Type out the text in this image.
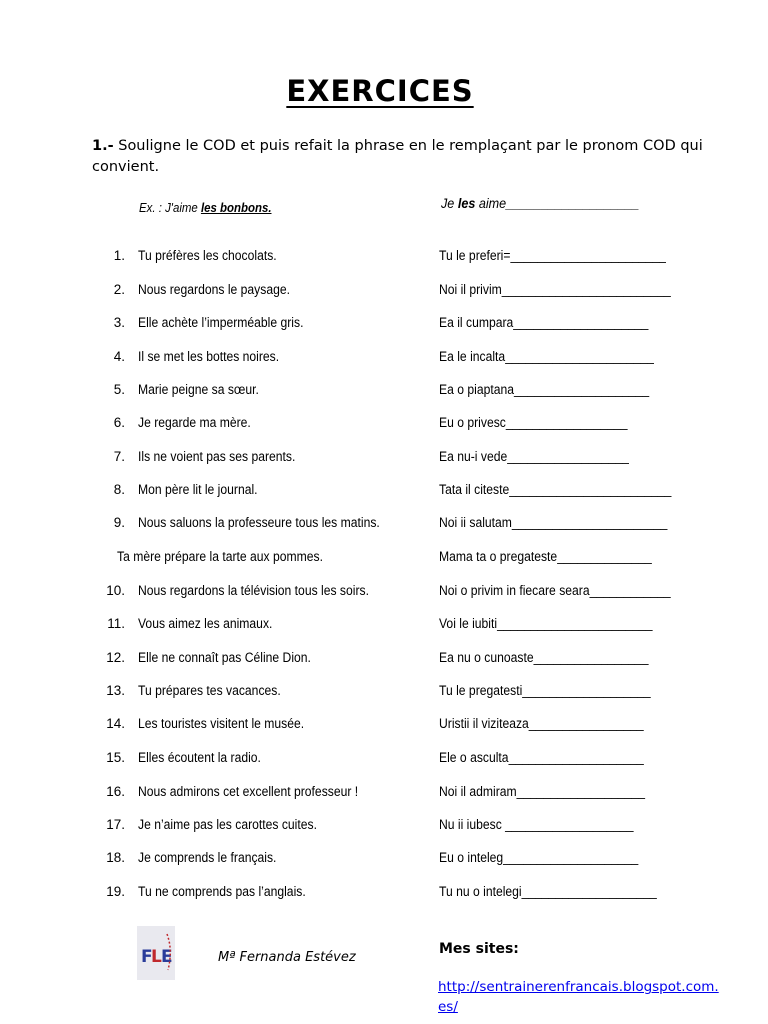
EXERCICES
1.- Souligne le COD et puis refait la phrase en le remplaçant par le pronom COD qui convient.
Ex. : J'aime les bonbons.	Je les aime___________________
1. Tu préfères les chocolats.	Tu le preferi=_______________________
2. Nous regardons le paysage.	Noi il privim_________________________
3. Elle achète l’imperméable gris.	Ea il cumpara____________________
4. Il se met les bottes noires.	Ea le incalta______________________
5. Marie peigne sa sœur.	Ea o piaptana____________________
6. Je regarde ma mère.	Eu o privesc__________________
7. Ils ne voient pas ses parents.	Ea nu-i vede__________________
8. Mon père lit le journal.	Tata il citeste________________________
9. Nous saluons la professeure tous les matins.	Noi ii salutam_______________________
Ta mère prépare la tarte aux pommes.	Mama ta o pregateste______________
10. Nous regardons la télévision tous les soirs.	Noi o privim in fiecare seara____________
11. Vous aimez les animaux.	Voi le iubiti_______________________
12. Elle ne connaît pas Céline Dion.	Ea nu o cunoaste_________________
13. Tu prépares tes vacances.	Tu le pregatesti___________________
14. Les touristes visitent le musée.	Uristii il viziteaza_________________
15. Elles écoutent la radio.	Ele o asculta____________________
16. Nous admirons cet excellent professeur !	Noi il admiram___________________
17. Je n’aime pas les carottes cuites.	Nu ii iubesc ___________________
18. Je comprends le français.	Eu o inteleg____________________
19. Tu ne comprends pas l’anglais.	Tu nu o intelegi____________________
F
L E	Mª Fernanda Estévez
Mes sites:
http://sentrainerenfrancais.blogspot.com.es/
